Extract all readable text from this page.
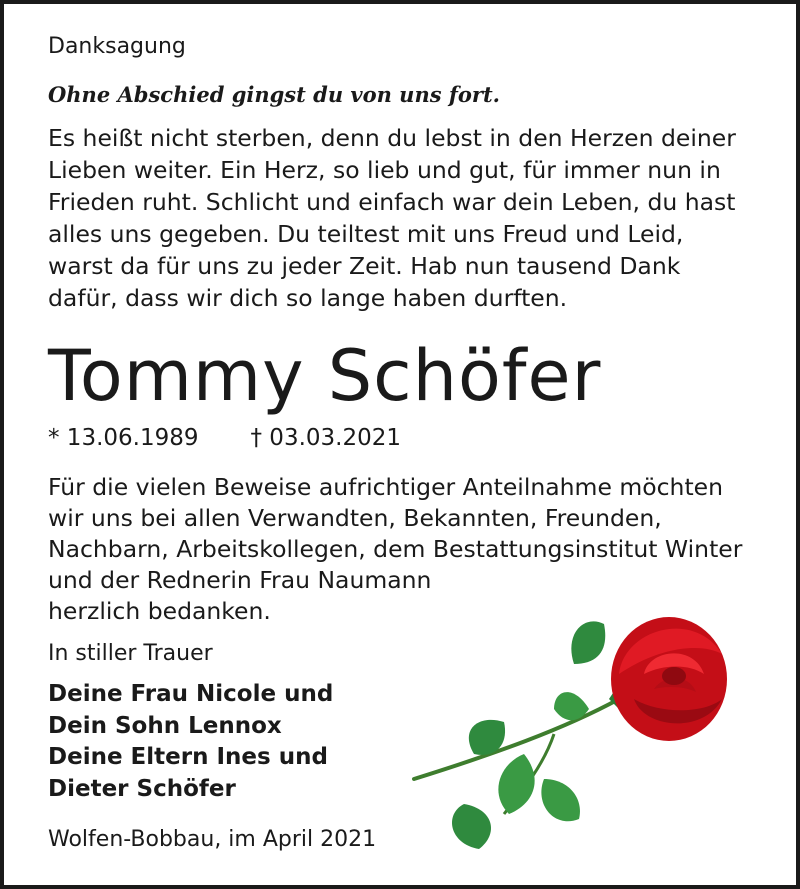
Danksagung

Ohne Abschied gingst du von uns fort.

Es heißt nicht sterben, denn du lebst in den Herzen deiner
Lieben weiter. Ein Herz, so lieb und gut, für immer nun in
Frieden ruht. Schlicht und einfach war dein Leben, du hast
alles uns gegeben. Du teiltest mit uns Freud und Leid,
warst da für uns zu jeder Zeit. Hab nun tausend Dank
dafür, dass wir dich so lange haben durften.

Tommy Schöfer

* 13.06.1989 † 03.03.2021

Für die vielen Beweise aufrichtiger Anteilnahme möchten
wir uns bei allen Verwandten, Bekannten, Freunden,
Nachbarn, Arbeitskollegen, dem Bestattungsinstitut Winter
und der Rednerin Frau Naumann
herzlich bedanken.

In stiller Trauer

Deine Frau Nicole und
Dein Sohn Lennox
Deine Eltern Ines und
Dieter Schöfer

Wolfen-Bobbau, im April 2021
